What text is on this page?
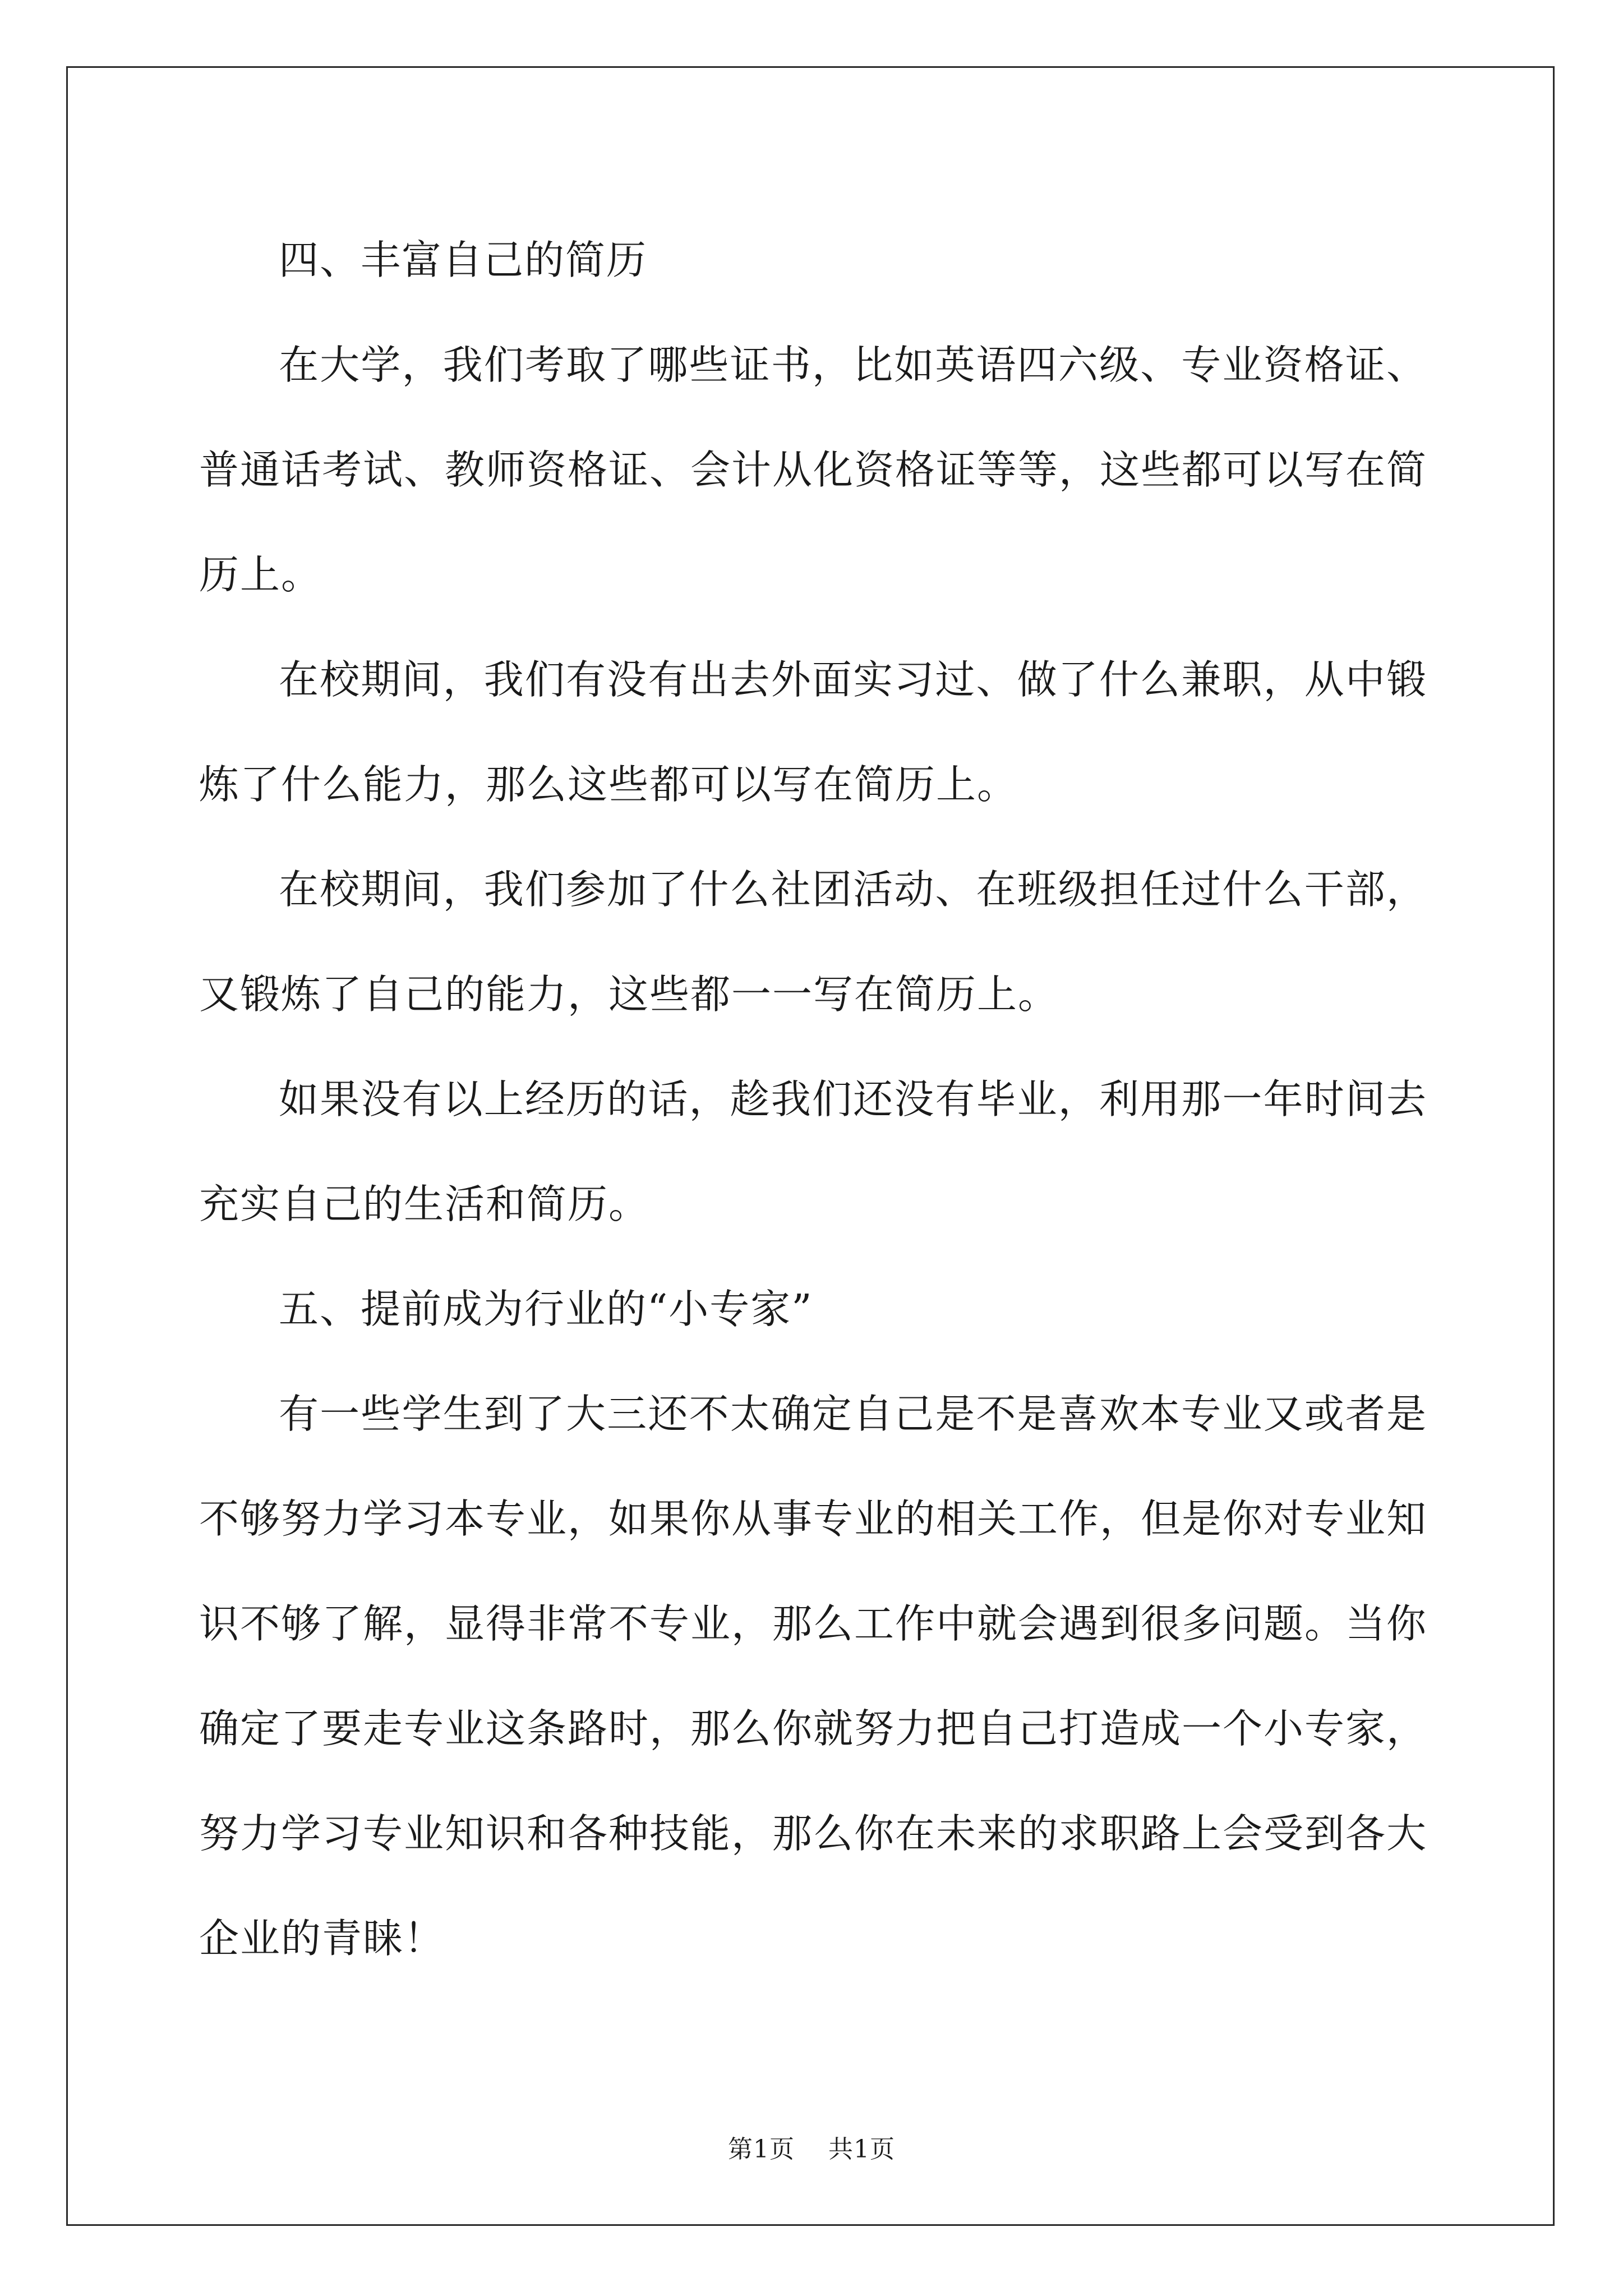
四、丰富自己的简历

在大学，我们考取了哪些证书，比如英语四六级、专业资格证、普通话考试、教师资格证、会计从化资格证等等，这些都可以写在简历上。

在校期间，我们有没有出去外面实习过、做了什么兼职，从中锻炼了什么能力，那么这些都可以写在简历上。

在校期间，我们参加了什么社团活动、在班级担任过什么干部，又锻炼了自己的能力，这些都一一写在简历上。

如果没有以上经历的话，趁我们还没有毕业，利用那一年时间去充实自己的生活和简历。

五、提前成为行业的“小专家”

有一些学生到了大三还不太确定自己是不是喜欢本专业又或者是不够努力学习本专业，如果你从事专业的相关工作，但是你对专业知识不够了解，显得非常不专业，那么工作中就会遇到很多问题。当你确定了要走专业这条路时，那么你就努力把自己打造成一个小专家，努力学习专业知识和各种技能，那么你在未来的求职路上会受到各大企业的青睐！

第1页 共1页
